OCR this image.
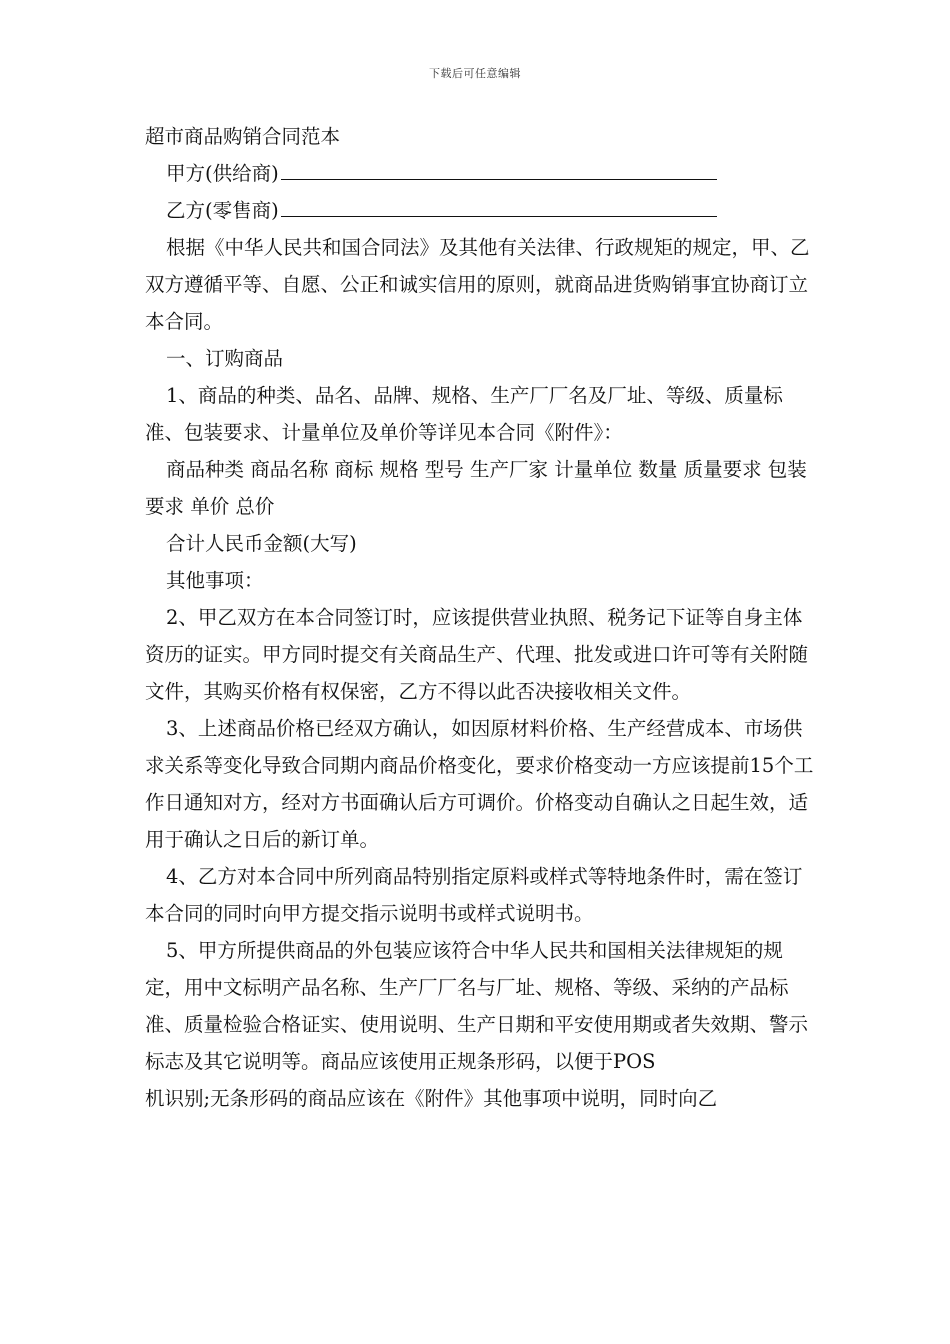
下载后可任意编辑

超市商品购销合同范本

甲方(供给商)

乙方(零售商)

根据《中华人民共和国合同法》及其他有关法律、行政规矩的规定，甲、乙双方遵循平等、自愿、公正和诚实信用的原则，就商品进货购销事宜协商订立本合同。

一、订购商品

1、商品的种类、品名、品牌、规格、生产厂厂名及厂址、等级、质量标准、包装要求、计量单位及单价等详见本合同《附件》：

商品种类 商品名称 商标 规格 型号 生产厂家 计量单位 数量 质量要求 包装要求 单价 总价

合计人民币金额(大写)

其他事项：

2、甲乙双方在本合同签订时，应该提供营业执照、税务记下证等自身主体资历的证实。甲方同时提交有关商品生产、代理、批发或进口许可等有关附随文件，其购买价格有权保密，乙方不得以此否决接收相关文件。

3、上述商品价格已经双方确认，如因原材料价格、生产经营成本、市场供求关系等变化导致合同期内商品价格变化，要求价格变动一方应该提前15个工作日通知对方，经对方书面确认后方可调价。价格变动自确认之日起生效，适用于确认之日后的新订单。

4、乙方对本合同中所列商品特别指定原料或样式等特地条件时，需在签订本合同的同时向甲方提交指示说明书或样式说明书。

5、甲方所提供商品的外包装应该符合中华人民共和国相关法律规矩的规定，用中文标明产品名称、生产厂厂名与厂址、规格、等级、采纳的产品标准、质量检验合格证实、使用说明、生产日期和平安使用期或者失效期、警示标志及其它说明等。商品应该使用正规条形码，以便于POS

机识别;无条形码的商品应该在《附件》其他事项中说明，同时向乙
